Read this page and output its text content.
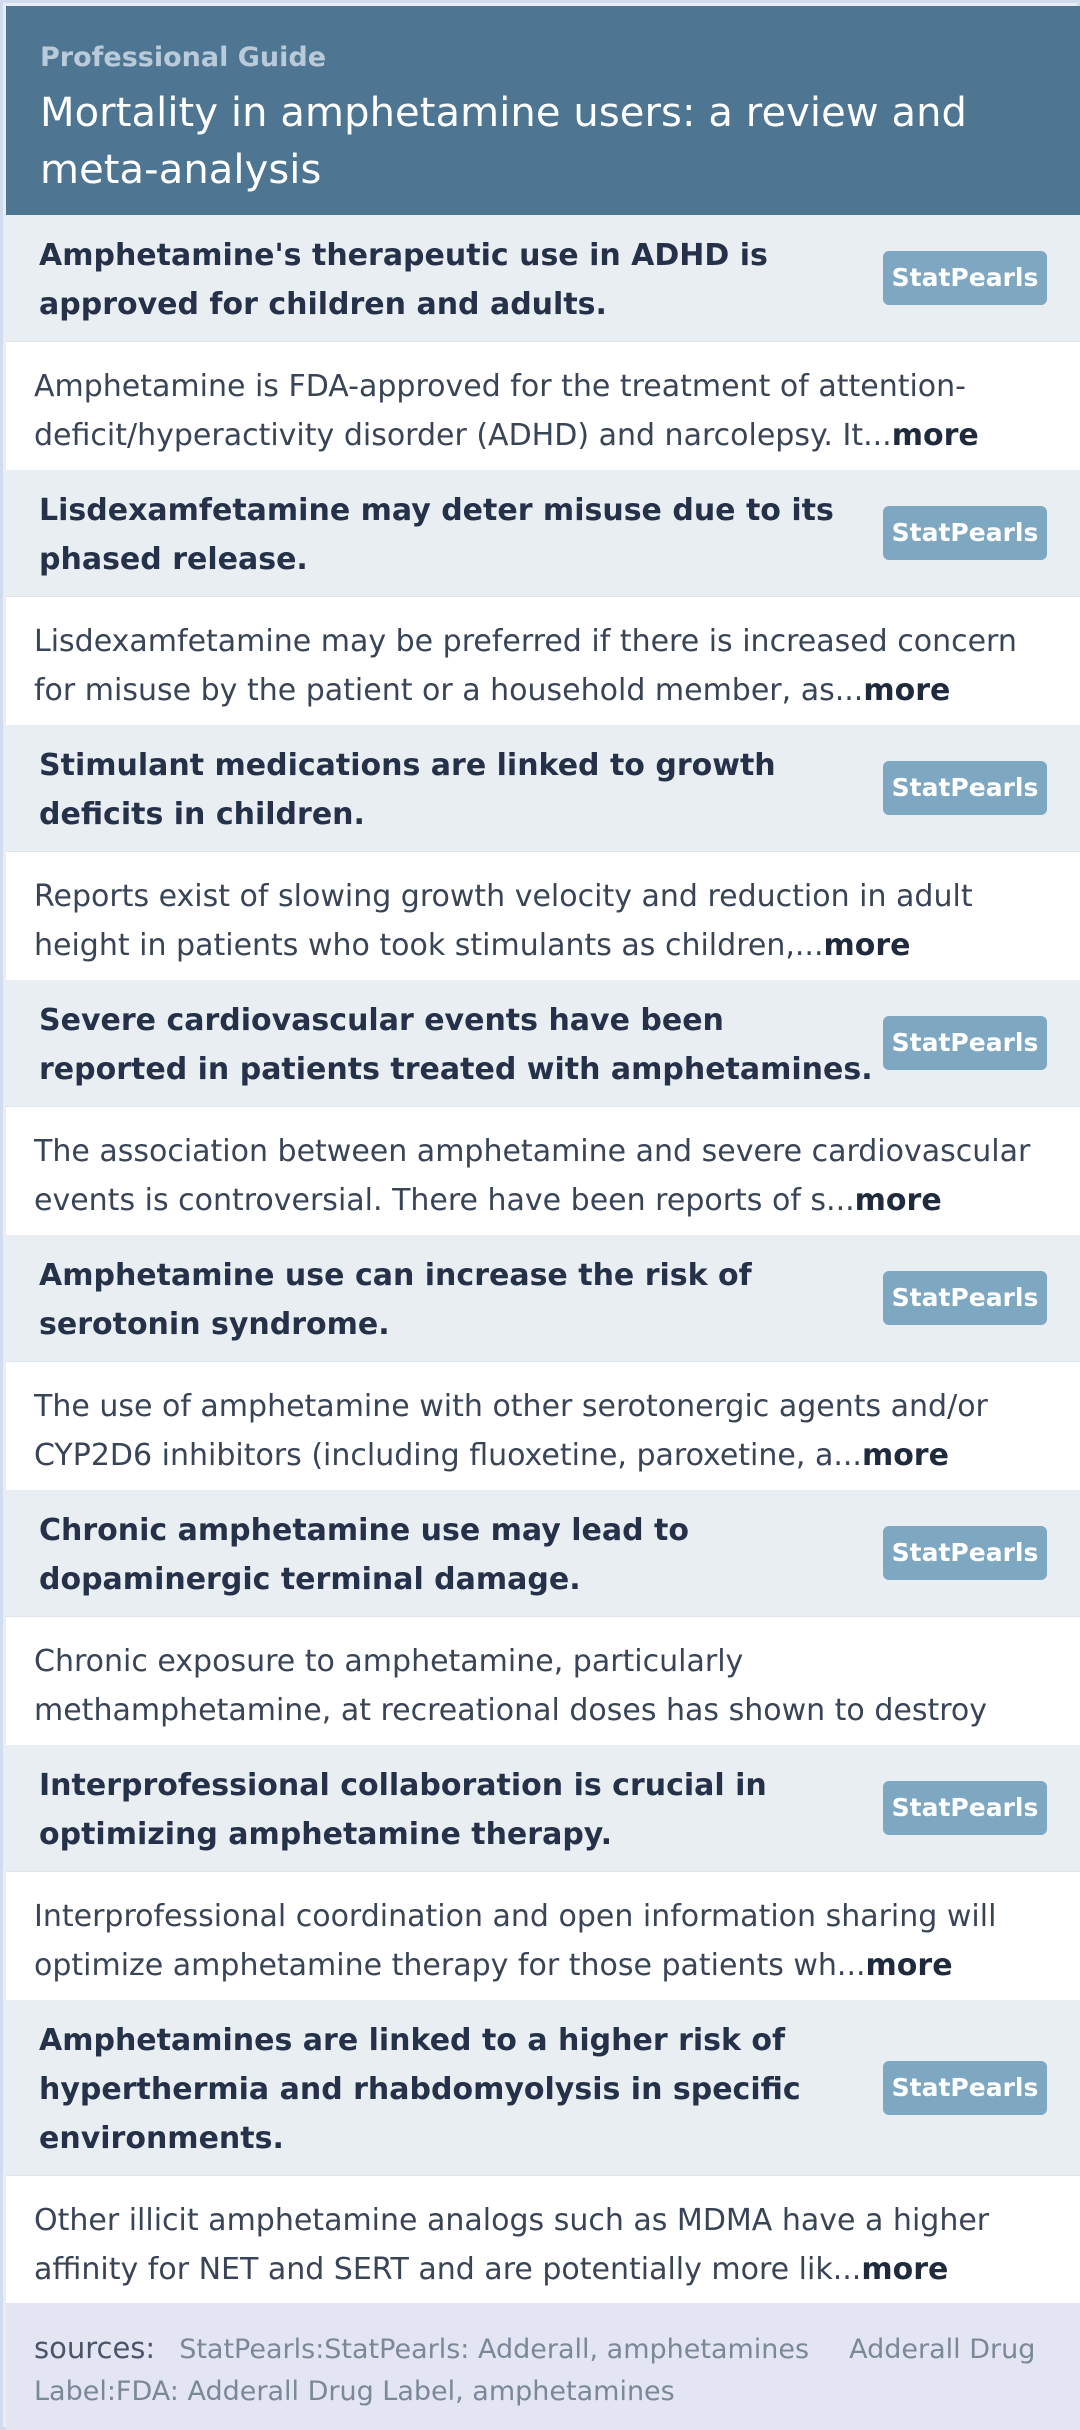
Professional Guide
Mortality in amphetamine users: a review and meta-analysis
Amphetamine's therapeutic use in ADHD is approved for children and adults.
StatPearls
Amphetamine is FDA-approved for the treatment of attention-deficit/hyperactivity disorder (ADHD) and narcolepsy. It...more
Lisdexamfetamine may deter misuse due to its phased release.
StatPearls
Lisdexamfetamine may be preferred if there is increased concern for misuse by the patient or a household member, as...more
Stimulant medications are linked to growth deficits in children.
StatPearls
Reports exist of slowing growth velocity and reduction in adult height in patients who took stimulants as children,...more
Severe cardiovascular events have been reported in patients treated with amphetamines.
StatPearls
The association between amphetamine and severe cardiovascular events is controversial. There have been reports of s...more
Amphetamine use can increase the risk of serotonin syndrome.
StatPearls
The use of amphetamine with other serotonergic agents and/or CYP2D6 inhibitors (including fluoxetine, paroxetine, a...more
Chronic amphetamine use may lead to dopaminergic terminal damage.
StatPearls
Chronic exposure to amphetamine, particularly methamphetamine, at recreational doses has shown to destroy
Interprofessional collaboration is crucial in optimizing amphetamine therapy.
StatPearls
Interprofessional coordination and open information sharing will optimize amphetamine therapy for those patients wh...more
Amphetamines are linked to a higher risk of hyperthermia and rhabdomyolysis in specific environments.
StatPearls
Other illicit amphetamine analogs such as MDMA have a higher affinity for NET and SERT and are potentially more lik...more
sources: StatPearls:StatPearls: Adderall, amphetamines Adderall Drug Label:FDA: Adderall Drug Label, amphetamines
